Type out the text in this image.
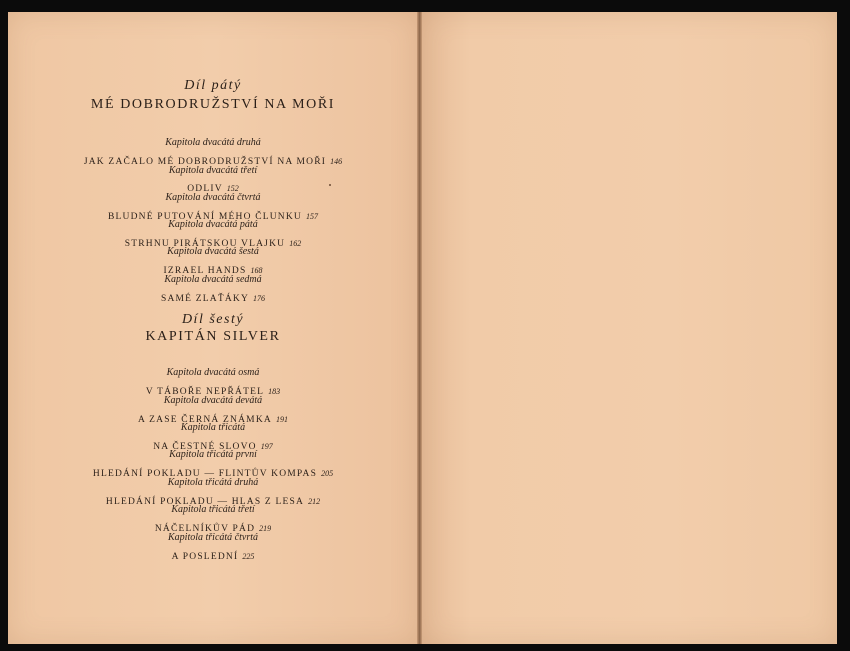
Díl pátý
MÉ DOBRODRUŽSTVÍ NA MOŘI
Kapitola dvacátá druhá
JAK ZAČALO MÉ DOBRODRUŽSTVÍ NA MOŘI 146
Kapitola dvacátá třetí
ODLIV 152
Kapitola dvacátá čtvrtá
BLUDNÉ PUTOVÁNÍ MÉHO ČLUNKU 157
Kapitola dvacátá pátá
STRHNU PIRÁTSKOU VLAJKU 162
Kapitola dvacátá šestá
IZRAEL HANDS 168
Kapitola dvacátá sedmá
SAMÉ ZLAŤÁKY 176
Díl šestý
KAPITÁN SILVER
Kapitola dvacátá osmá
V TÁBOŘE NEPŘÁTEL 183
Kapitola dvacátá devátá
A ZASE ČERNÁ ZNÁMKA 191
Kapitola třicátá
NA ČESTNÉ SLOVO 197
Kapitola třicátá první
HLEDÁNÍ POKLADU — FLINTŮV KOMPAS 205
Kapitola třicátá druhá
HLEDÁNÍ POKLADU — HLAS Z LESA 212
Kapitola třicátá třetí
NÁČELNÍKŮV PÁD 219
Kapitola třicátá čtvrtá
A POSLEDNÍ 225
